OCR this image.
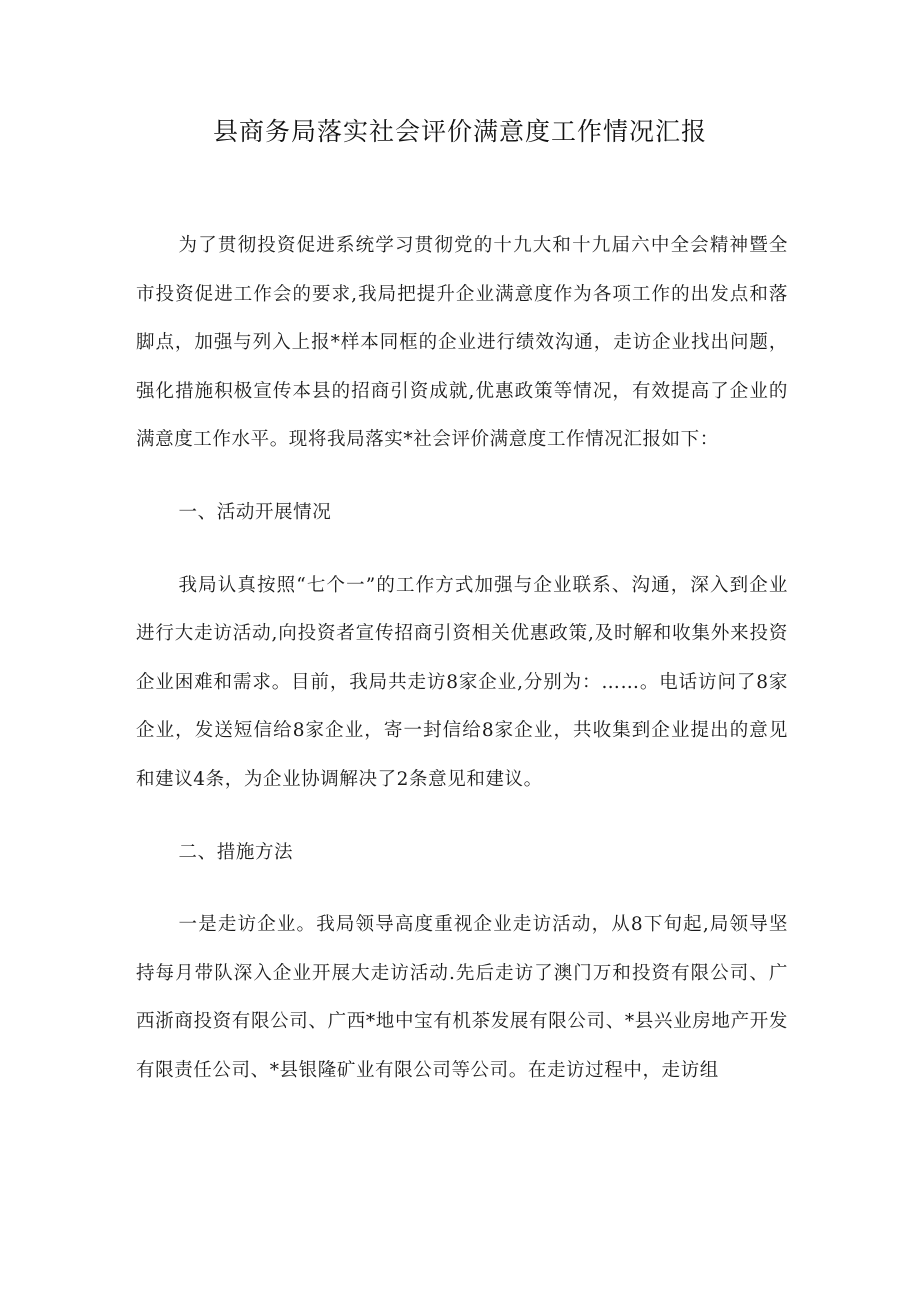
县商务局落实社会评价满意度工作情况汇报

为了贯彻投资促进系统学习贯彻党的十九大和十九届六中全会精神暨全市投资促进工作会的要求,我局把提升企业满意度作为各项工作的出发点和落脚点，加强与列入上报*样本同框的企业进行绩效沟通，走访企业找出问题，强化措施积极宣传本县的招商引资成就,优惠政策等情况，有效提高了企业的满意度工作水平。现将我局落实*社会评价满意度工作情况汇报如下：

一、活动开展情况

我局认真按照“七个一”的工作方式加强与企业联系、沟通，深入到企业进行大走访活动,向投资者宣传招商引资相关优惠政策,及时解和收集外来投资企业困难和需求。目前，我局共走访8家企业,分别为：……。电话访问了8家企业，发送短信给8家企业，寄一封信给8家企业，共收集到企业提出的意见和建议4条，为企业协调解决了2条意见和建议。

二、措施方法

一是走访企业。我局领导高度重视企业走访活动，从8下旬起,局领导坚持每月带队深入企业开展大走访活动.先后走访了澳门万和投资有限公司、广西浙商投资有限公司、广西*地中宝有机茶发展有限公司、*县兴业房地产开发有限责任公司、*县银隆矿业有限公司等公司。在走访过程中，走访组
